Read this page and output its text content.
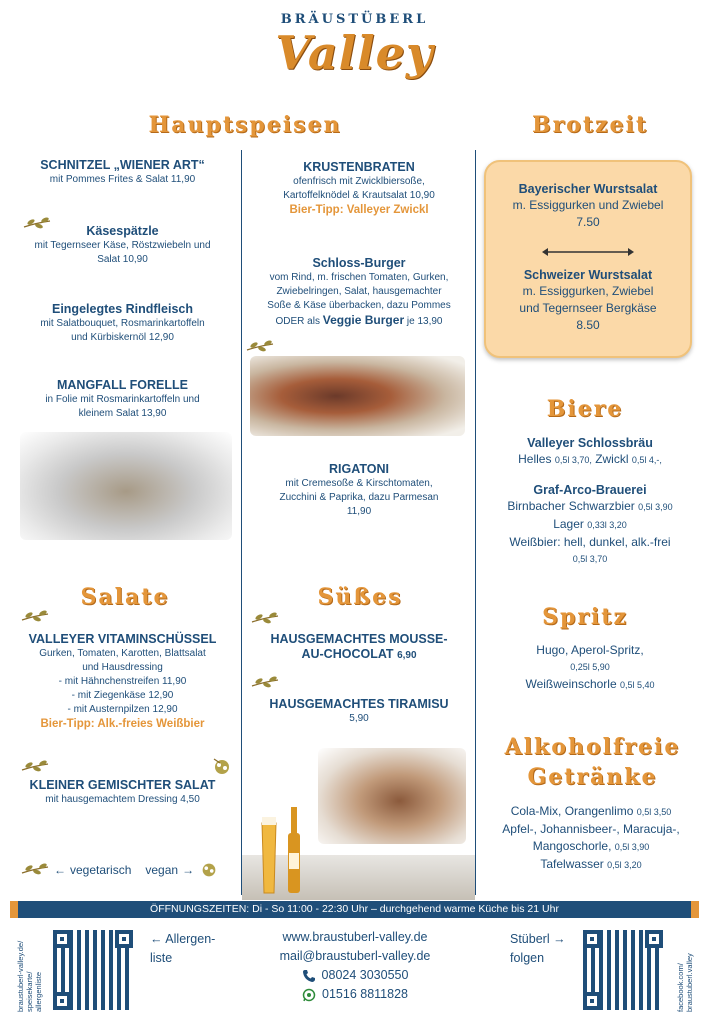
BRÄUSTÜBERL
Valley
Hauptspeisen	Brotzeit
SCHNITZEL „WIENER ART“
mit Pommes Frites & Salat 11,90
Käsespätzle
mit Tegernseer Käse, Röstzwiebeln und
Salat 10,90
Eingelegtes Rindfleisch
mit Salatbouquet, Rosmarinkartoffeln
und Kürbiskernöl 12,90
MANGFALL FORELLE
in Folie mit Rosmarinkartoffeln und
kleinem Salat 13,90
Salate
VALLEYER VITAMINSCHÜSSEL
Gurken, Tomaten, Karotten, Blattsalat
und Hausdressing
- mit Hähnchenstreifen 11,90
- mit Ziegenkäse 12,90
- mit Austernpilzen 12,90
Bier-Tipp: Alk.-freies Weißbier
KLEINER GEMISCHTER SALAT
mit hausgemachtem Dressing 4,50
← vegetarisch vegan →
KRUSTENBRATEN
ofenfrisch mit Zwicklbiersoße,
Kartoffelknödel & Krautsalat 10,90
Bier-Tipp: Valleyer Zwickl
Schloss-Burger
vom Rind, m. frischen Tomaten, Gurken,
Zwiebelringen, Salat, hausgemachter
Soße & Käse überbacken, dazu Pommes
ODER als Veggie Burger je 13,90
RIGATONI
mit Cremesoße & Kirschtomaten,
Zucchini & Paprika, dazu Parmesan
11,90
Süßes
HAUSGEMACHTES MOUSSE-
AU-CHOCOLAT 6,90
HAUSGEMACHTES TIRAMISU
5,90
Bayerischer Wurstsalat
m. Essiggurken und Zwiebel
7.50
Schweizer Wurstsalat
m. Essiggurken, Zwiebel
und Tegernseer Bergkäse
8.50
Biere
Valleyer Schlossbräu
Helles 0,5l 3,70, Zwickl 0,5l 4,-,
Graf-Arco-Brauerei
Birnbacher Schwarzbier 0,5l 3,90
Lager 0,33l 3,20
Weißbier: hell, dunkel, alk.-frei
0,5l 3,70
Spritz
Hugo, Aperol-Spritz,
0,25l 5,90
Weißweinschorle 0,5l 5,40
Alkoholfreie
Getränke
Cola-Mix, Orangenlimo 0,5l 3,50
Apfel-, Johannisbeer-, Maracuja-,
Mangoschorle, 0,5l 3,90
Tafelwasser 0,5l 3,20
ÖFFNUNGSZEITEN: Di - So 11:00 - 22:30 Uhr – durchgehend warme Küche bis 21 Uhr
braustuberl-valley.de/ speisekarte/ allergenliste
← Allergen-
liste
www.braustuberl-valley.de
mail@braustuberl-valley.de
08024 3030550
01516 8811828
Stüberl →
folgen
facebook.com/ braustuberl.valley
